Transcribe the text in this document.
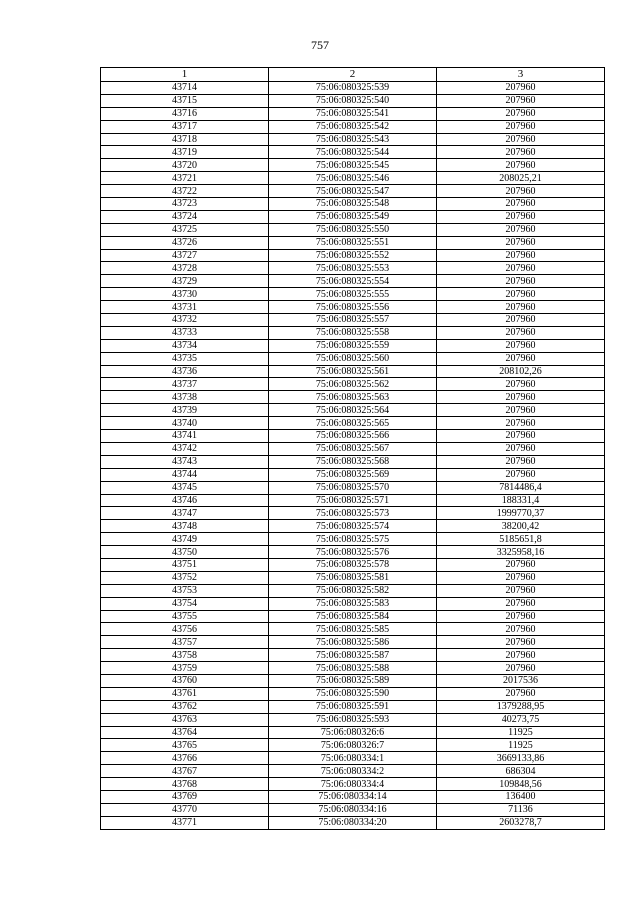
757
1	2	3
43714	75:06:080325:539	207960
43715	75:06:080325:540	207960
43716	75:06:080325:541	207960
43717	75:06:080325:542	207960
43718	75:06:080325:543	207960
43719	75:06:080325:544	207960
43720	75:06:080325:545	207960
43721	75:06:080325:546	208025,21
43722	75:06:080325:547	207960
43723	75:06:080325:548	207960
43724	75:06:080325:549	207960
43725	75:06:080325:550	207960
43726	75:06:080325:551	207960
43727	75:06:080325:552	207960
43728	75:06:080325:553	207960
43729	75:06:080325:554	207960
43730	75:06:080325:555	207960
43731	75:06:080325:556	207960
43732	75:06:080325:557	207960
43733	75:06:080325:558	207960
43734	75:06:080325:559	207960
43735	75:06:080325:560	207960
43736	75:06:080325:561	208102,26
43737	75:06:080325:562	207960
43738	75:06:080325:563	207960
43739	75:06:080325:564	207960
43740	75:06:080325:565	207960
43741	75:06:080325:566	207960
43742	75:06:080325:567	207960
43743	75:06:080325:568	207960
43744	75:06:080325:569	207960
43745	75:06:080325:570	7814486,4
43746	75:06:080325:571	188331,4
43747	75:06:080325:573	1999770,37
43748	75:06:080325:574	38200,42
43749	75:06:080325:575	5185651,8
43750	75:06:080325:576	3325958,16
43751	75:06:080325:578	207960
43752	75:06:080325:581	207960
43753	75:06:080325:582	207960
43754	75:06:080325:583	207960
43755	75:06:080325:584	207960
43756	75:06:080325:585	207960
43757	75:06:080325:586	207960
43758	75:06:080325:587	207960
43759	75:06:080325:588	207960
43760	75:06:080325:589	2017536
43761	75:06:080325:590	207960
43762	75:06:080325:591	1379288,95
43763	75:06:080325:593	40273,75
43764	75:06:080326:6	11925
43765	75:06:080326:7	11925
43766	75:06:080334:1	3669133,86
43767	75:06:080334:2	686304
43768	75:06:080334:4	109848,56
43769	75:06:080334:14	136400
43770	75:06:080334:16	71136
43771	75:06:080334:20	2603278,7
